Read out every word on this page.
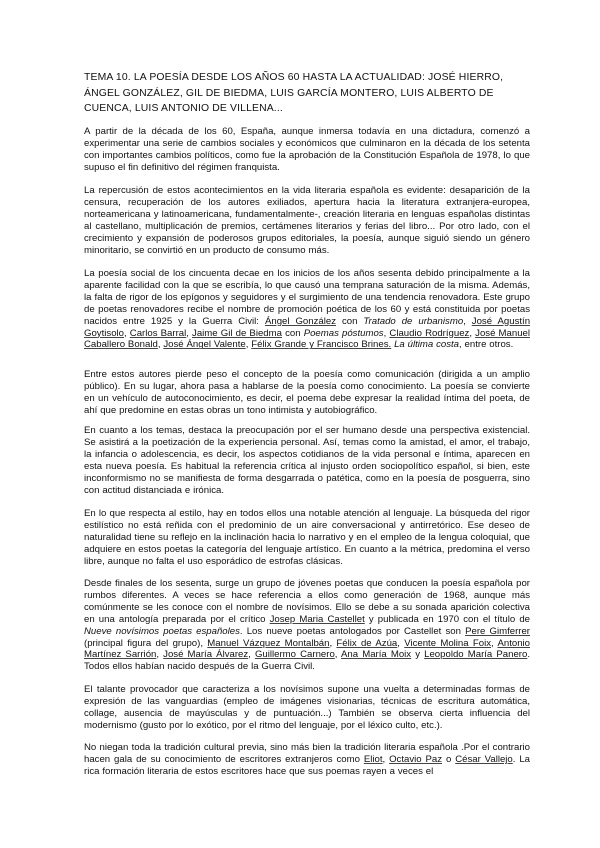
TEMA 10. LA POESÍA DESDE LOS AÑOS 60 HASTA LA ACTUALIDAD: JOSÉ HIERRO, ÁNGEL GONZÁLEZ, GIL DE BIEDMA, LUIS GARCÍA MONTERO, LUIS ALBERTO DE CUENCA, LUIS ANTONIO DE VILLENA...

A partir de la década de los 60, España, aunque inmersa todavía en una dictadura, comenzó a experimentar una serie de cambios sociales y económicos que culminaron en la década de los setenta con importantes cambios políticos, como fue la aprobación de la Constitución Española de 1978, lo que supuso el fin definitivo del régimen franquista.

La repercusión de estos acontecimientos en la vida literaria española es evidente: desaparición de la censura, recuperación de los autores exiliados, apertura hacia la literatura extranjera-europea, norteamericana y latinoamericana, fundamentalmente-, creación literaria en lenguas españolas distintas al castellano, multiplicación de premios, certámenes literarios y ferias del libro... Por otro lado, con el crecimiento y expansión de poderosos grupos editoriales, la poesía, aunque siguió siendo un género minoritario, se convirtió en un producto de consumo más.

La poesía social de los cincuenta decae en los inicios de los años sesenta debido principalmente a la aparente facilidad con la que se escribía, lo que causó una temprana saturación de la misma. Además, la falta de rigor de los epígonos y seguidores y el surgimiento de una tendencia renovadora. Este grupo de poetas renovadores recibe el nombre de promoción poética de los 60 y está constituida por poetas nacidos entre 1925 y la Guerra Civil: Ángel González con Tratado de urbanismo, José Agustín Goytisolo, Carlos Barral, Jaime Gil de Biedma con Poemas póstumos, Claudio Rodríguez, José Manuel Caballero Bonald, José Ángel Valente, Félix Grande y Francisco Brines. La última costa, entre otros.

Entre estos autores pierde peso el concepto de la poesía como comunicación (dirigida a un amplio público). En su lugar, ahora pasa a hablarse de la poesía como conocimiento. La poesía se convierte en un vehículo de autoconocimiento, es decir, el poema debe expresar la realidad íntima del poeta, de ahí que predomine en estas obras un tono intimista y autobiográfico.

En cuanto a los temas, destaca la preocupación por el ser humano desde una perspectiva existencial. Se asistirá a la poetización de la experiencia personal. Así, temas como la amistad, el amor, el trabajo, la infancia o adolescencia, es decir, los aspectos cotidianos de la vida personal e íntima, aparecen en esta nueva poesía. Es habitual la referencia crítica al injusto orden sociopolítico español, si bien, este inconformismo no se manifiesta de forma desgarrada o patética, como en la poesía de posguerra, sino con actitud distanciada e irónica.

En lo que respecta al estilo, hay en todos ellos una notable atención al lenguaje. La búsqueda del rigor estilístico no está reñida con el predominio de un aire conversacional y antirretórico. Ese deseo de naturalidad tiene su reflejo en la inclinación hacia lo narrativo y en el empleo de la lengua coloquial, que adquiere en estos poetas la categoría del lenguaje artístico. En cuanto a la métrica, predomina el verso libre, aunque no falta el uso esporádico de estrofas clásicas.

Desde finales de los sesenta, surge un grupo de jóvenes poetas que conducen la poesía española por rumbos diferentes. A veces se hace referencia a ellos como generación de 1968, aunque más comúnmente se les conoce con el nombre de novísimos. Ello se debe a su sonada aparición colectiva en una antología preparada por el crítico Josep Maria Castellet y publicada en 1970 con el título de Nueve novísimos poetas españoles. Los nueve poetas antologados por Castellet son Pere Gimferrer (principal figura del grupo), Manuel Vázquez Montalbán, Félix de Azúa, Vicente Molina Foix, Antonio Martínez Sarrión, José María Álvarez, Guillermo Carnero, Ana María Moix y Leopoldo María Panero. Todos ellos habían nacido después de la Guerra Civil.

El talante provocador que caracteriza a los novísimos supone una vuelta a determinadas formas de expresión de las vanguardias (empleo de imágenes visionarias, técnicas de escritura automática, collage, ausencia de mayúsculas y de puntuación...) También se observa cierta influencia del modernismo (gusto por lo exótico, por el ritmo del lenguaje, por el léxico culto, etc.).

No niegan toda la tradición cultural previa, sino más bien la tradición literaria española .Por el contrario hacen gala de su conocimiento de escritores extranjeros como Eliot, Octavio Paz o César Vallejo. La rica formación literaria de estos escritores hace que sus poemas rayen a veces el
